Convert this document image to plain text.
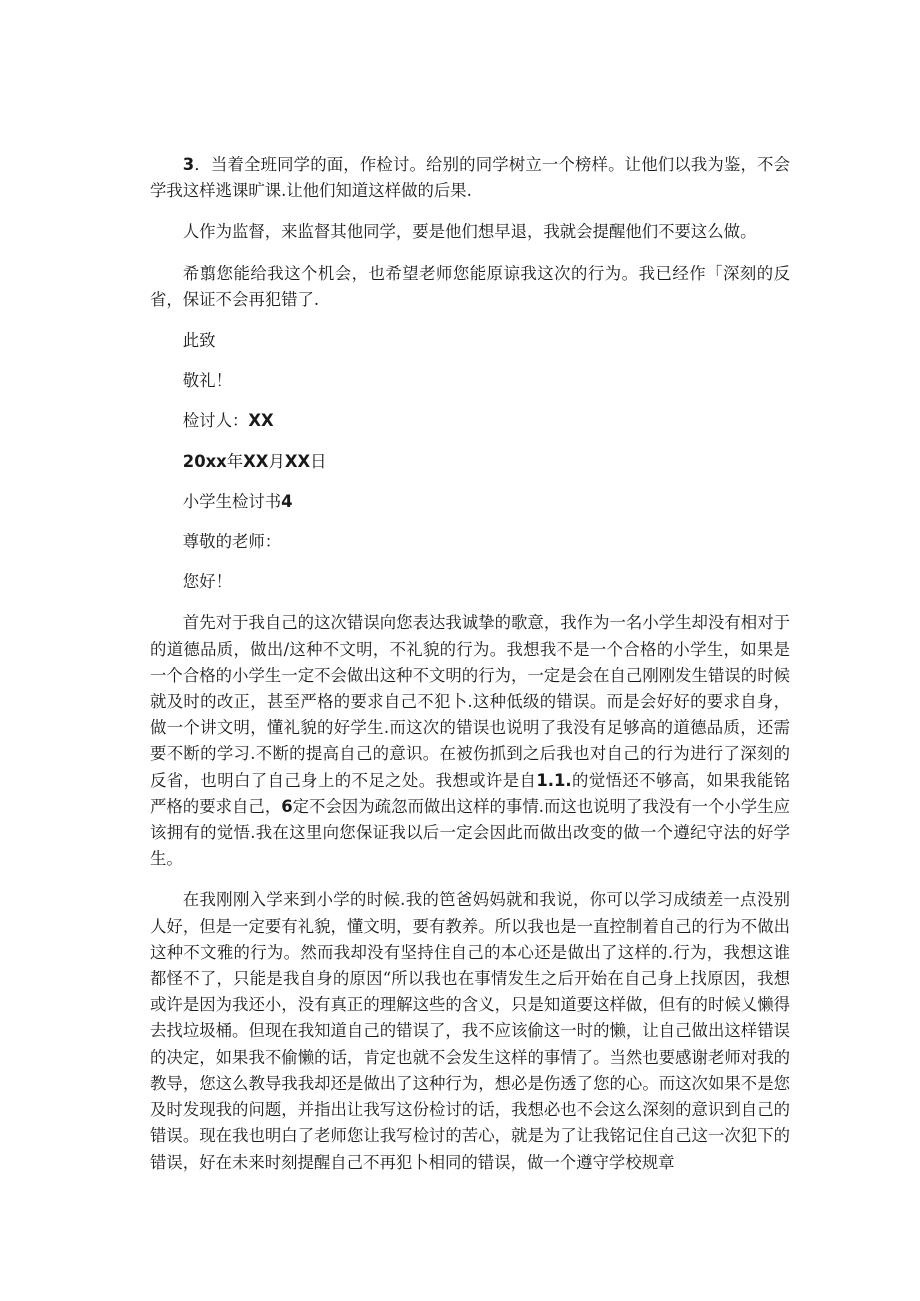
3．当着全班同学的面，作检讨。给别的同学树立一个榜样。让他们以我为鉴，不会学我这样逃课旷课.让他们知道这样做的后果.

人作为监督，来监督其他同学，要是他们想早退，我就会提醒他们不要这么做。

希翦您能给我这个机会，也希望老师您能原谅我这次的行为。我已经作「深刻的反省，保证不会再犯错了.

此致

敬礼！

检讨人：XX

20xx年XX月XX日

小学生检讨书4

尊敬的老师：

您好！

首先对于我自己的这次错误向您表达我诚挚的歌意，我作为一名小学生却没有相对于的道德品质，做出/这种不文明，不礼貌的行为。我想我不是一个合格的小学生，如果是一个合格的小学生一定不会做出这种不文明的行为，一定是会在自己刚刚发生错误的时候就及时的改正，甚至严格的要求自己不犯卜.这种低级的错误。而是会好好的要求自身，做一个讲文明，懂礼貌的好学生.而这次的错误也说明了我没有足够高的道德品质，还需要不断的学习.不断的提高自己的意识。在被伤抓到之后我也对自己的行为进行了深刻的反省，也明白了自己身上的不足之处。我想或许是自1.1.的觉悟还不够高，如果我能铭严格的要求自己，6定不会因为疏忽而做出这样的事情.而这也说明了我没有一个小学生应该拥有的觉悟.我在这里向您保证我以后一定会因此而做出改变的做一个遵纪守法的好学生。

在我刚刚入学来到小学的时候.我的笆爸妈妈就和我说，你可以学习成绩差一点没别人好，但是一定要有礼貌，懂文明，要有教养。所以我也是一直控制着自己的行为不做出这种不文雅的行为。然而我却没有坚持住自己的本心还是做出了这样的.行为，我想这谁都怪不了，只能是我自身的原因“所以我也在事情发生之后开始在自己身上找原因，我想或许是因为我还小，没有真正的理解这些的含义，只是知道要这样做，但有的时候乂懒得去找垃圾桶。但现在我知道自己的错误了，我不应该偷这一时的懒，让自己做出这样错误的决定，如果我不偷懒的话，肯定也就不会发生这样的事情了。当然也要感谢老师对我的教导，您这么教导我我却还是做出了这种行为，想必是伤透了您的心。而这次如果不是您及时发现我的问题，并指出让我写这份检讨的话，我想必也不会这么深刻的意识到自己的错误。现在我也明白了老师您让我写检讨的苦心，就是为了让我铭记住自己这一次犯下的错误，好在未来时刻提醒自己不再犯卜相同的错误，做一个遵守学校规章
